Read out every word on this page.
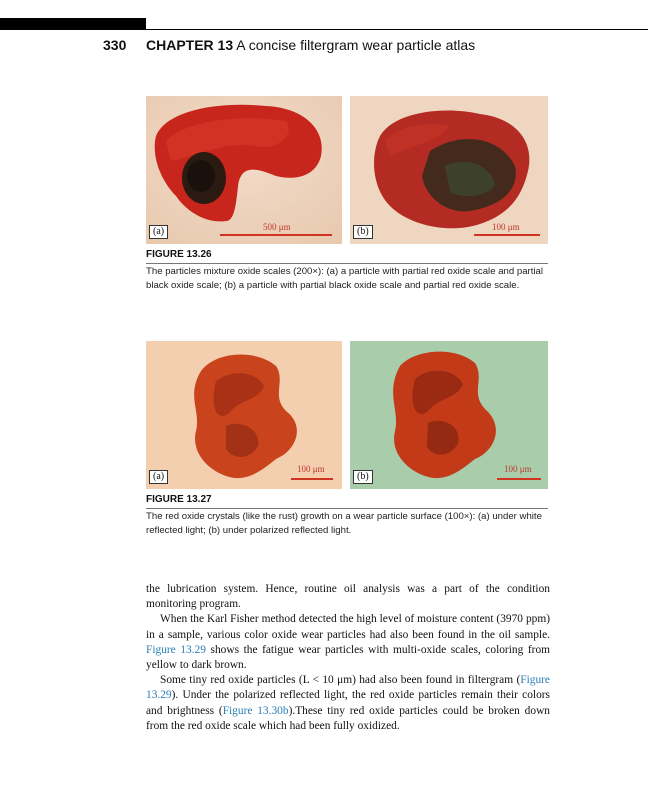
330 CHAPTER 13 A concise filtergram wear particle atlas
500 μm
(a)	100 μm
(b)
FIGURE 13.26
The particles mixture oxide scales (200×): (a) a particle with partial red oxide scale and partial black oxide scale; (b) a particle with partial black oxide scale and partial red oxide scale.
100 μm
(a)
100 μm
(b)
FIGURE 13.27
The red oxide crystals (like the rust) growth on a wear particle surface (100×): (a) under white reflected light; (b) under polarized reflected light.

the lubrication system. Hence, routine oil analysis was a part of the condition monitoring program.

When the Karl Fisher method detected the high level of moisture content (3970 ppm) in a sample, various color oxide wear particles had also been found in the oil sample. Figure 13.29 shows the fatigue wear particles with multi-oxide scales, coloring from yellow to dark brown.

Some tiny red oxide particles (L < 10 μm) had also been found in filtergram (Figure 13.29). Under the polarized reflected light, the red oxide particles remain their colors and brightness (Figure 13.30b).These tiny red oxide particles could be broken down from the red oxide scale which had been fully oxidized.
